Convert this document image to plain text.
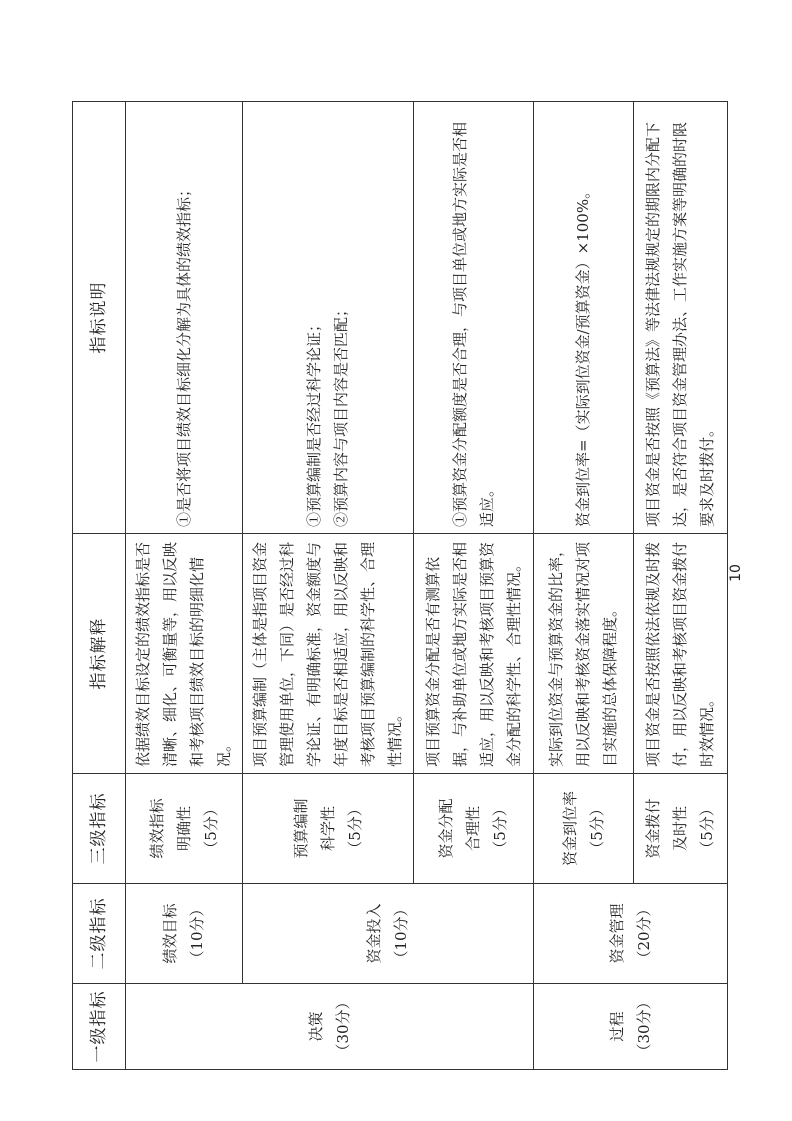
一级指标	二级指标	三级指标	指标解释	指标说明

决策
（30分）	绩效目标
（10分）	绩效指标
明确性
（5分）	依据绩效目标设定的绩效指标是否清晰、细化、可衡量等，用以反映和考核项目绩效目标的明细化情况。	①是否将项目绩效目标细化分解为具体的绩效指标；

	资金投入
（10分）	预算编制
科学性
（5分）	项目预算编制（主体是指项目资金管理使用单位，下同）是否经过科学论证、有明确标准，资金额度与年度目标是否相适应，用以反映和考核项目预算编制的科学性、合理性情况。	①预算编制是否经过科学论证；
②预算内容与项目内容是否匹配；

		资金分配
合理性
（5分）	项目预算资金分配是否有测算依据，与补助单位或地方实际是否相适应，用以反映和考核项目预算资金分配的科学性、合理性情况。	①预算资金分配额度是否合理，与项目单位或地方实际是否相适应。

过程
（30分）	资金管理
（20分）	资金到位率
（5分）	实际到位资金与预算资金的比率，用以反映和考核资金落实情况对项目实施的总体保障程度。	资金到位率=（实际到位资金/预算资金）×100%。

		资金拨付
及时性
（5分）	项目资金是否按照依法依规及时拨付，用以反映和考核项目资金拨付时效情况。	项目资金是否按照《预算法》等法律法规规定的期限内分配下达，是否符合项目资金管理办法、工作实施方案等明确的时限要求及时拨付。
10
